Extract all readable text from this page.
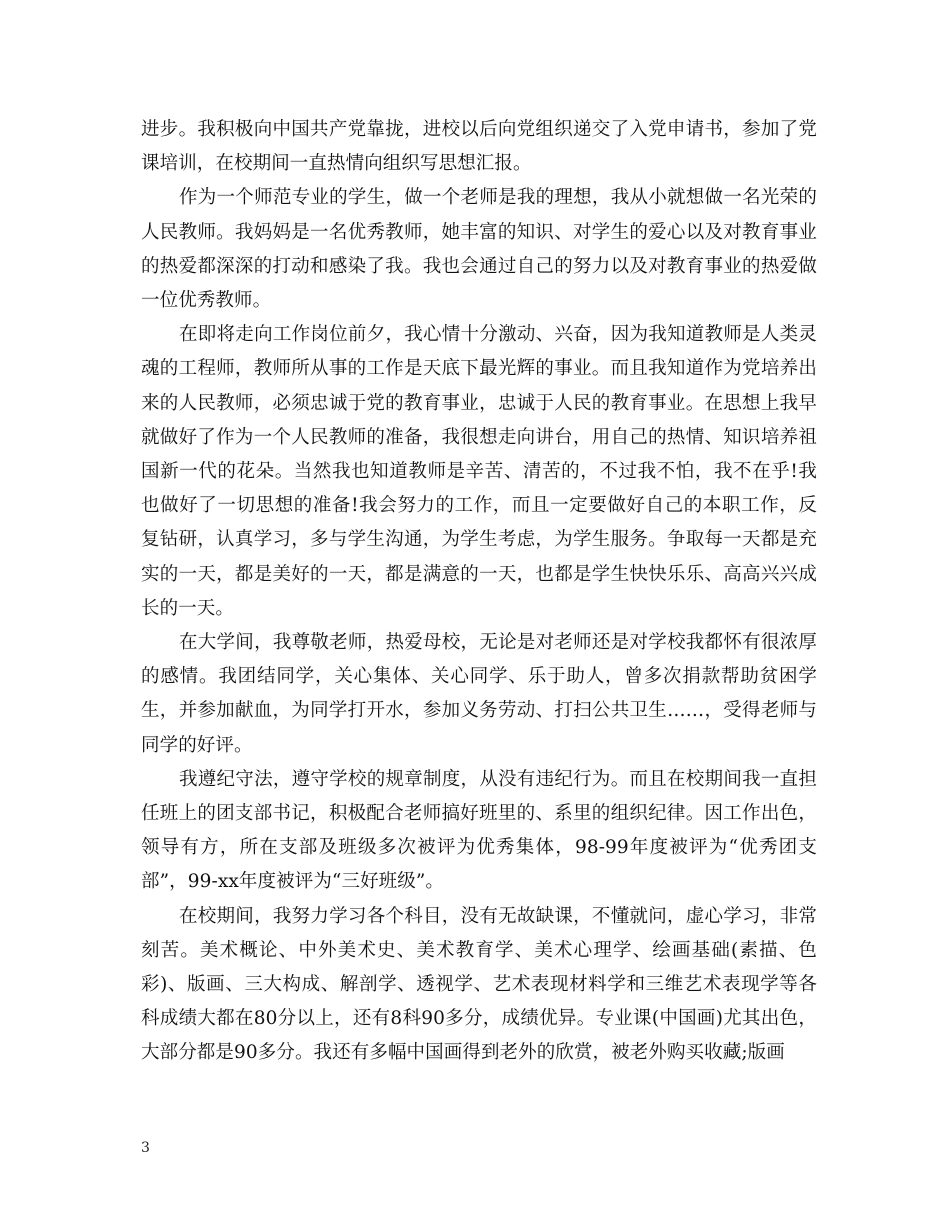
进步。我积极向中国共产党靠拢，进校以后向党组织递交了入党申请书，参加了党课培训，在校期间一直热情向组织写思想汇报。

作为一个师范专业的学生，做一个老师是我的理想，我从小就想做一名光荣的人民教师。我妈妈是一名优秀教师，她丰富的知识、对学生的爱心以及对教育事业的热爱都深深的打动和感染了我。我也会通过自己的努力以及对教育事业的热爱做一位优秀教师。

在即将走向工作岗位前夕，我心情十分激动、兴奋，因为我知道教师是人类灵魂的工程师，教师所从事的工作是天底下最光辉的事业。而且我知道作为党培养出来的人民教师，必须忠诚于党的教育事业，忠诚于人民的教育事业。在思想上我早就做好了作为一个人民教师的准备，我很想走向讲台，用自己的热情、知识培养祖国新一代的花朵。当然我也知道教师是辛苦、清苦的，不过我不怕，我不在乎!我也做好了一切思想的准备!我会努力的工作，而且一定要做好自己的本职工作，反复钻研，认真学习，多与学生沟通，为学生考虑，为学生服务。争取每一天都是充实的一天，都是美好的一天，都是满意的一天，也都是学生快快乐乐、高高兴兴成长的一天。

在大学间，我尊敬老师，热爱母校，无论是对老师还是对学校我都怀有很浓厚的感情。我团结同学，关心集体、关心同学、乐于助人，曾多次捐款帮助贫困学生，并参加献血，为同学打开水，参加义务劳动、打扫公共卫生……，受得老师与同学的好评。

我遵纪守法，遵守学校的规章制度，从没有违纪行为。而且在校期间我一直担任班上的团支部书记，积极配合老师搞好班里的、系里的组织纪律。因工作出色，领导有方，所在支部及班级多次被评为优秀集体，98-99年度被评为“优秀团支部”，99-xx年度被评为“三好班级”。

在校期间，我努力学习各个科目，没有无故缺课，不懂就问，虚心学习，非常刻苦。美术概论、中外美术史、美术教育学、美术心理学、绘画基础(素描、色彩)、版画、三大构成、解剖学、透视学、艺术表现材料学和三维艺术表现学等各科成绩大都在80分以上，还有8科90多分，成绩优异。专业课(中国画)尤其出色，大部分都是90多分。我还有多幅中国画得到老外的欣赏，被老外购买收藏;版画

3
